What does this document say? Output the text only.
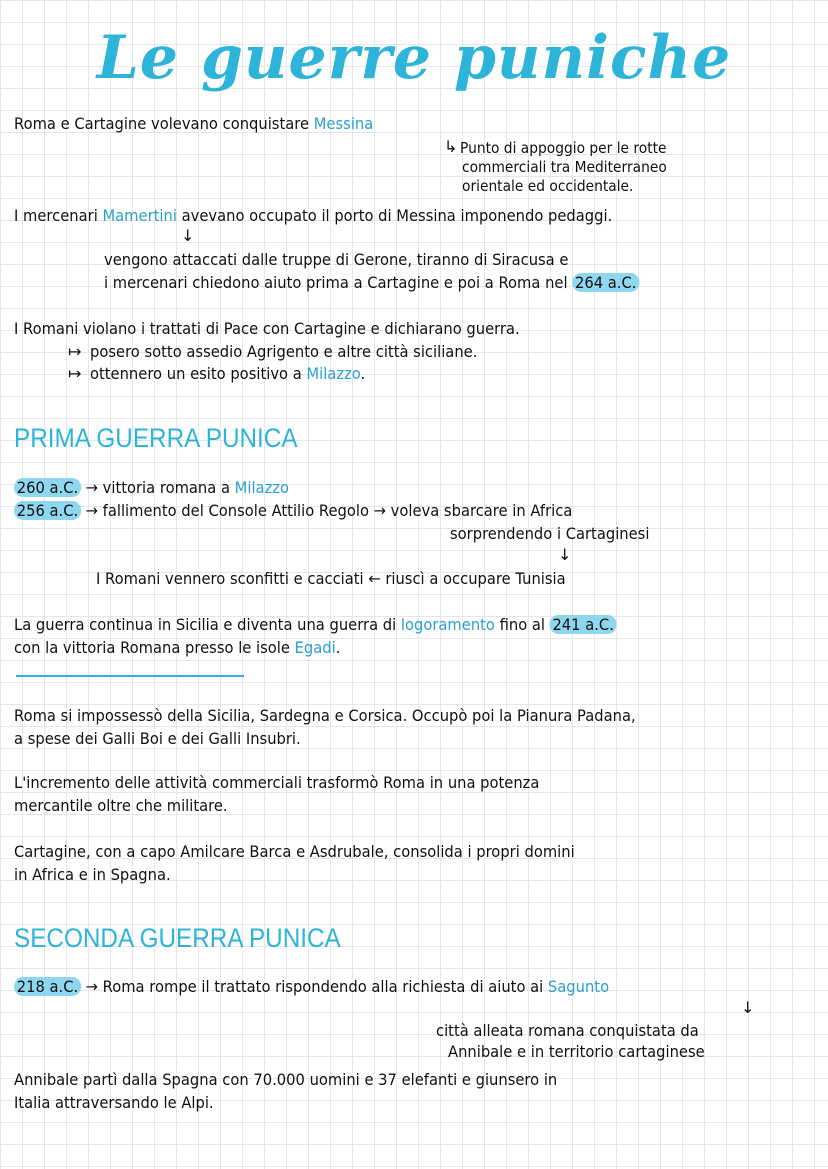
Le guerre puniche
Roma e Cartagine volevano conquistare Messina
↳ Punto di appoggio per le rotte
commerciali tra Mediterraneo
orientale ed occidentale.
I mercenari Mamertini avevano occupato il porto di Messina imponendo pedaggi.
↓
vengono attaccati dalle truppe di Gerone, tiranno di Siracusa e
i mercenari chiedono aiuto prima a Cartagine e poi a Roma nel 264 a.C.
I Romani violano i trattati di Pace con Cartagine e dichiarano guerra.
↦ posero sotto assedio Agrigento e altre città siciliane.
↦ ottennero un esito positivo a Milazzo.
PRIMA GUERRA PUNICA
260 a.C. → vittoria romana a Milazzo
256 a.C. → fallimento del Console Attilio Regolo → voleva sbarcare in Africa
sorprendendo i Cartaginesi
↓
I Romani vennero sconfitti e cacciati ← riuscì a occupare Tunisia
La guerra continua in Sicilia e diventa una guerra di logoramento fino al 241 a.C.
con la vittoria Romana presso le isole Egadi.
Roma si impossessò della Sicilia, Sardegna e Corsica. Occupò poi la Pianura Padana,
a spese dei Galli Boi e dei Galli Insubri.
L'incremento delle attività commerciali trasformò Roma in una potenza
mercantile oltre che militare.
Cartagine, con a capo Amilcare Barca e Asdrubale, consolida i propri domini
in Africa e in Spagna.
SECONDA GUERRA PUNICA
218 a.C. → Roma rompe il trattato rispondendo alla richiesta di aiuto ai Sagunto
↓
città alleata romana conquistata da
Annibale e in territorio cartaginese
Annibale partì dalla Spagna con 70.000 uomini e 37 elefanti e giunsero in
Italia attraversando le Alpi.
